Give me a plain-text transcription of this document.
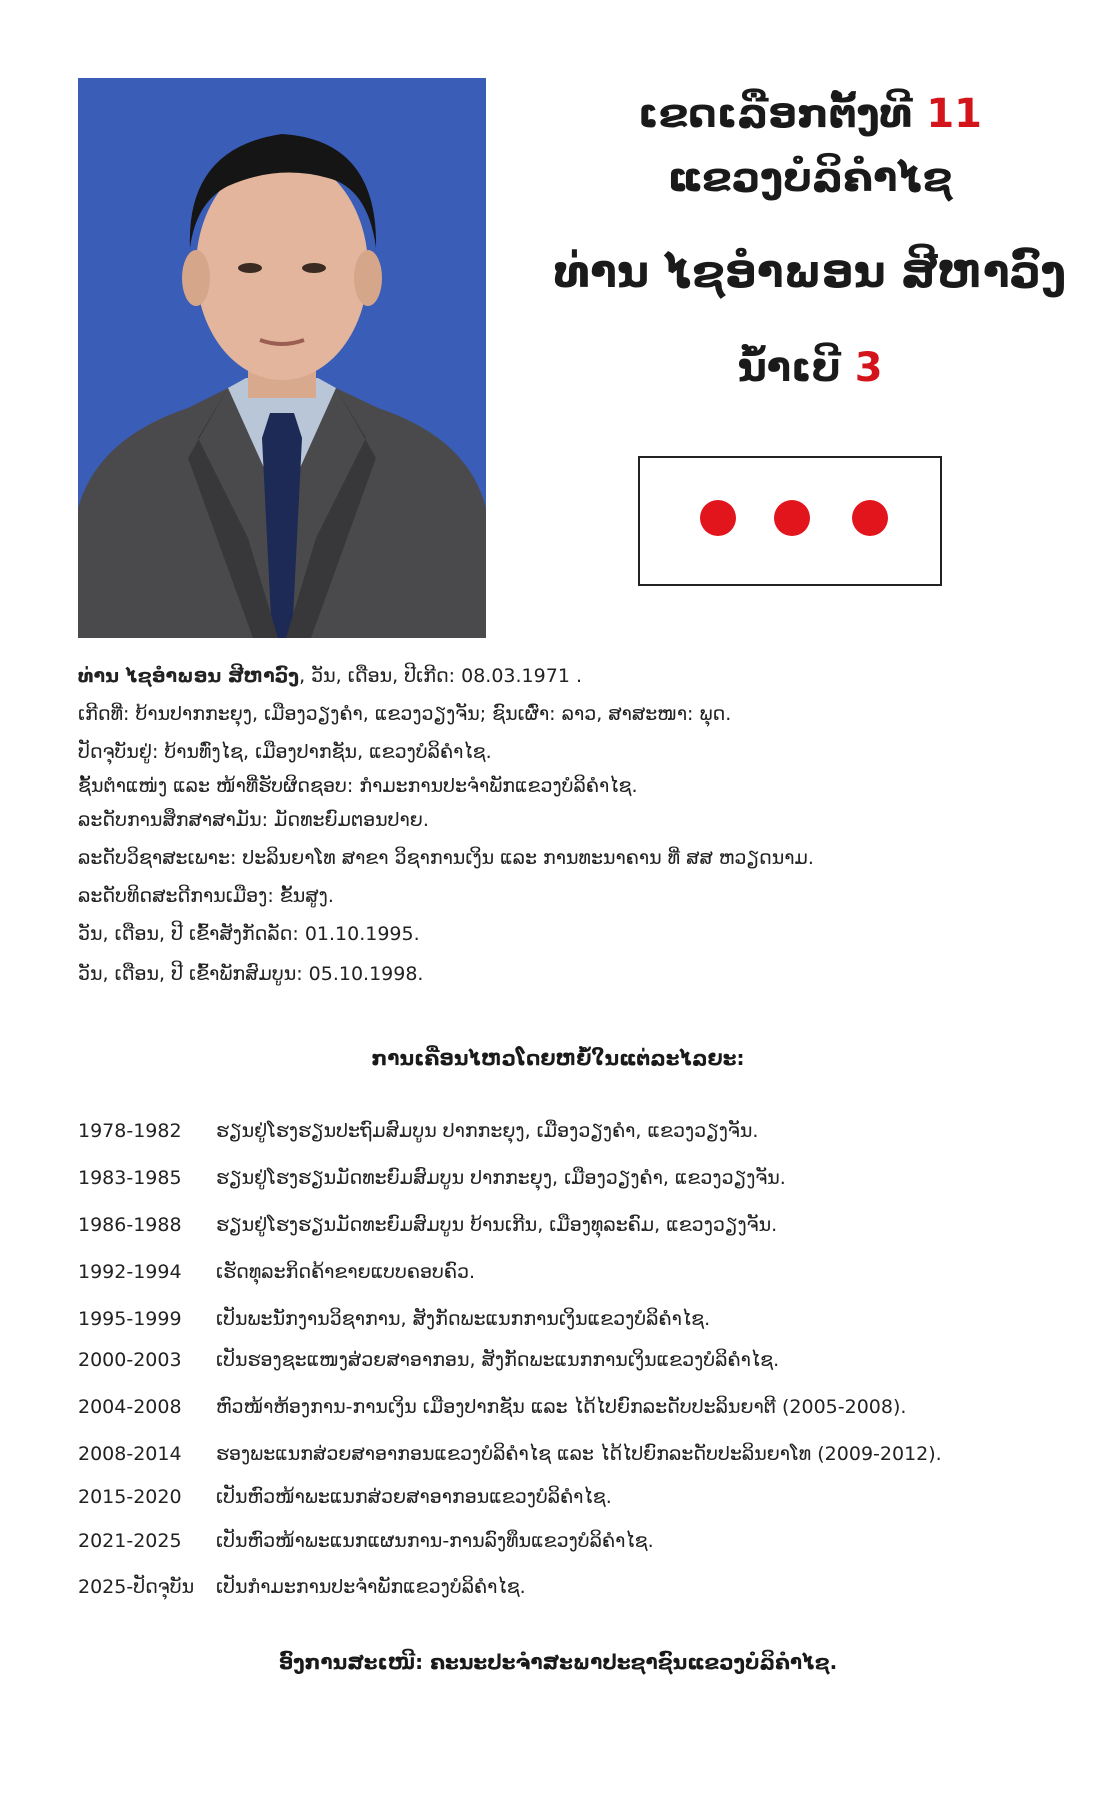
ເຂດເລືອກຕັ້ງທີ 11
ແຂວງບໍລິຄໍາໄຊ
ທ່ານ ໄຊອໍາພອນ ສີຫາວົງ
ນໍ້າເບີ 3
ທ່ານ ໄຊອໍາພອນ ສີຫາວົງ, ວັນ, ເດືອນ, ປີເກີດ: 08.03.1971 .
ເກີດທີ່: ບ້ານປາກກະຍຸງ, ເມືອງວຽງຄໍາ, ແຂວງວຽງຈັນ; ຊົນເຜົ່າ: ລາວ, ສາສະໜາ: ພຸດ.
ປັດຈຸບັນຢູ່: ບ້ານທົ່ງໄຊ, ເມືອງປາກຊັນ, ແຂວງບໍລິຄໍາໄຊ.
ຊັ້ນຕໍາແໜ່ງ ແລະ ໜ້າທີ່ຮັບຜິດຊອບ: ກໍາມະການປະຈໍາພັກແຂວງບໍລິຄໍາໄຊ.
ລະດັບການສຶກສາສາມັນ: ມັດທະຍົມຕອນປາຍ.
ລະດັບວິຊາສະເພາະ: ປະລິນຍາໂທ ສາຂາ ວິຊາການເງິນ ແລະ ການທະນາຄານ ທີ່ ສສ ຫວຽດນາມ.
ລະດັບທິດສະດີການເມືອງ: ຂັ້ນສູງ.
ວັນ, ເດືອນ, ປີ ເຂົ້າສັງກັດລັດ: 01.10.1995.
ວັນ, ເດືອນ, ປີ ເຂົ້າພັກສົມບູນ: 05.10.1998.
ການເຄື່ອນໄຫວໂດຍຫຍໍ້ໃນແຕ່ລະໄລຍະ:
1978-1982 ຮຽນຢູ່ໂຮງຮຽນປະຖົມສົມບູນ ປາກກະຍຸງ, ເມືອງວຽງຄໍາ, ແຂວງວຽງຈັນ.
1983-1985 ຮຽນຢູ່ໂຮງຮຽນມັດທະຍົມສົມບູນ ປາກກະຍຸງ, ເມືອງວຽງຄໍາ, ແຂວງວຽງຈັນ.
1986-1988 ຮຽນຢູ່ໂຮງຮຽນມັດທະຍົມສົມບູນ ບ້ານເກີນ, ເມືອງທຸລະຄົມ, ແຂວງວຽງຈັນ.
1992-1994 ເຮັດທຸລະກິດຄ້າຂາຍແບບຄອບຄົວ.
1995-1999 ເປັນພະນັກງານວິຊາການ, ສັງກັດພະແນກການເງິນແຂວງບໍລິຄໍາໄຊ.
2000-2003 ເປັນຮອງຊະແໜງສ່ວຍສາອາກອນ, ສັງກັດພະແນກການເງິນແຂວງບໍລິຄໍາໄຊ.
2004-2008 ຫົວໜ້າຫ້ອງການ-ການເງິນ ເມືອງປາກຊັນ ແລະ ໄດ້ໄປຍົກລະດັບປະລິນຍາຕີ (2005-2008).
2008-2014 ຮອງພະແນກສ່ວຍສາອາກອນແຂວງບໍລິຄໍາໄຊ ແລະ ໄດ້ໄປຍົກລະດັບປະລິນຍາໂທ (2009-2012).
2015-2020 ເປັນຫົວໜ້າພະແນກສ່ວຍສາອາກອນແຂວງບໍລິຄໍາໄຊ.
2021-2025 ເປັນຫົວໜ້າພະແນກແຜນການ-ການລົງທຶນແຂວງບໍລິຄໍາໄຊ.
2025-ປັດຈຸບັນ ເປັນກໍາມະການປະຈໍາພັກແຂວງບໍລິຄໍາໄຊ.
ອົງການສະເໜີ: ຄະນະປະຈໍາສະພາປະຊາຊົນແຂວງບໍລິຄໍາໄຊ.
